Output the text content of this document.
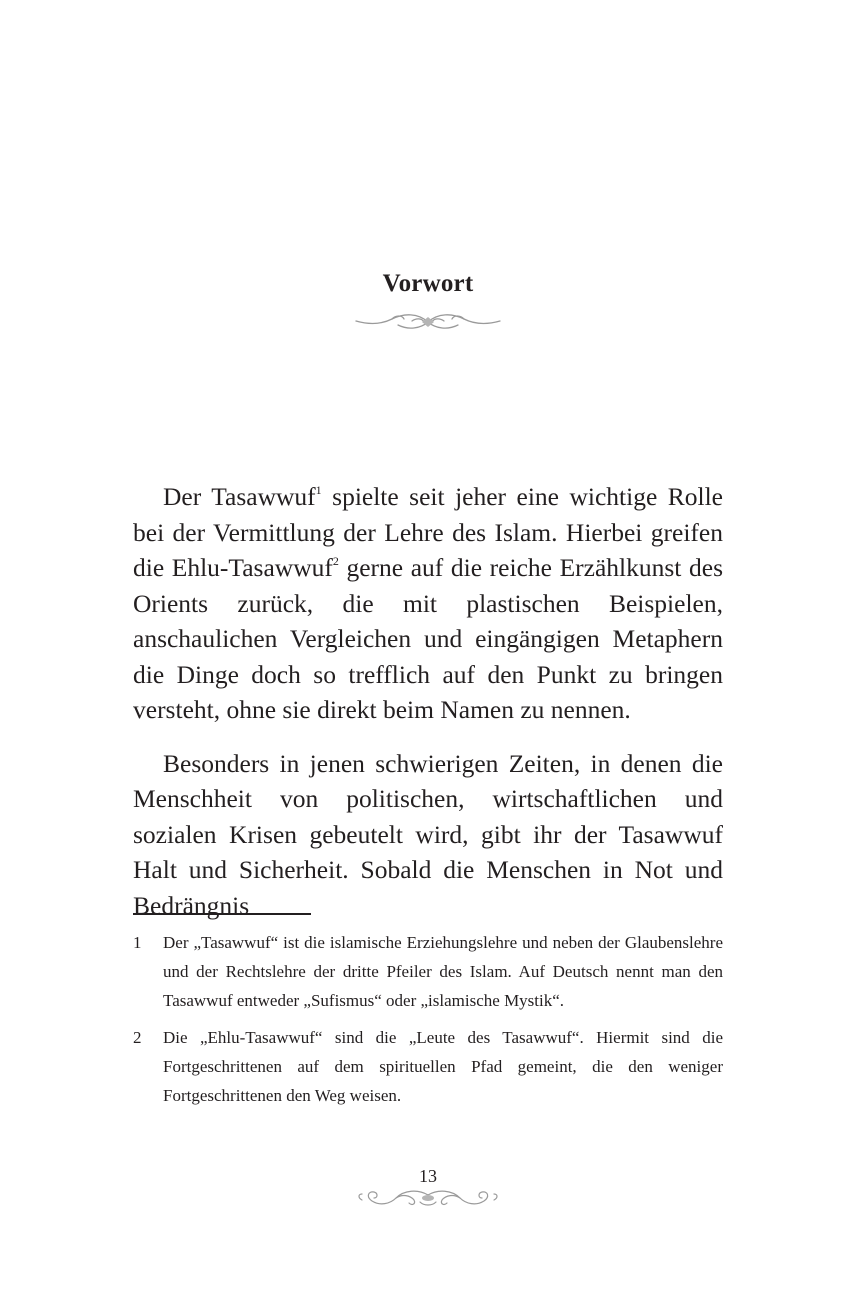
Vorwort

Der Tasawwuf$^1$ spielte seit jeher eine wichtige Rolle bei der Vermittlung der Lehre des Islam. Hierbei greifen die Ehlu-Tasawwuf$^2$ gerne auf die reiche Erzählkunst des Orients zurück, die mit plastischen Beispielen, anschaulichen Vergleichen und eingängigen Metaphern die Dinge doch so trefflich auf den Punkt zu bringen versteht, ohne sie direkt beim Namen zu nennen.

Besonders in jenen schwierigen Zeiten, in denen die Menschheit von politischen, wirtschaftlichen und sozialen Krisen gebeutelt wird, gibt ihr der Tasawwuf Halt und Sicherheit. Sobald die Menschen in Not und Bedrängnis

1	Der „Tasawwuf“ ist die islamische Erziehungslehre und neben der Glaubenslehre und der Rechtslehre der dritte Pfeiler des Islam. Auf Deutsch nennt man den Tasawwuf entweder „Sufismus“ oder „islamische Mystik“.
2	Die „Ehlu-Tasawwuf“ sind die „Leute des Tasawwuf“. Hiermit sind die Fortgeschrittenen auf dem spirituellen Pfad gemeint, die den weniger Fortgeschrittenen den Weg weisen.
13
